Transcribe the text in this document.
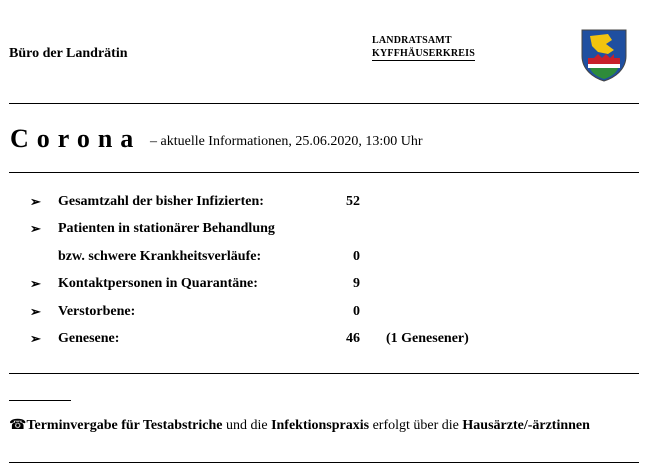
Büro der Landrätin
LANDRATSAMT
KYFFHÄUSERKREIS
Corona – aktuelle Informationen, 25.06.2020, 13:00 Uhr
➢ Gesamtzahl der bisher Infizierten:	52
➢ Patienten in stationärer Behandlung
bzw. schwere Krankheitsverläufe:	0
➢ Kontaktpersonen in Quarantäne:	9
➢ Verstorbene:	0
➢ Genesene:	46 (1 Genesener)
☎Terminvergabe für Testabstriche und die Infektionspraxis erfolgt über die Hausärzte/-ärztinnen
